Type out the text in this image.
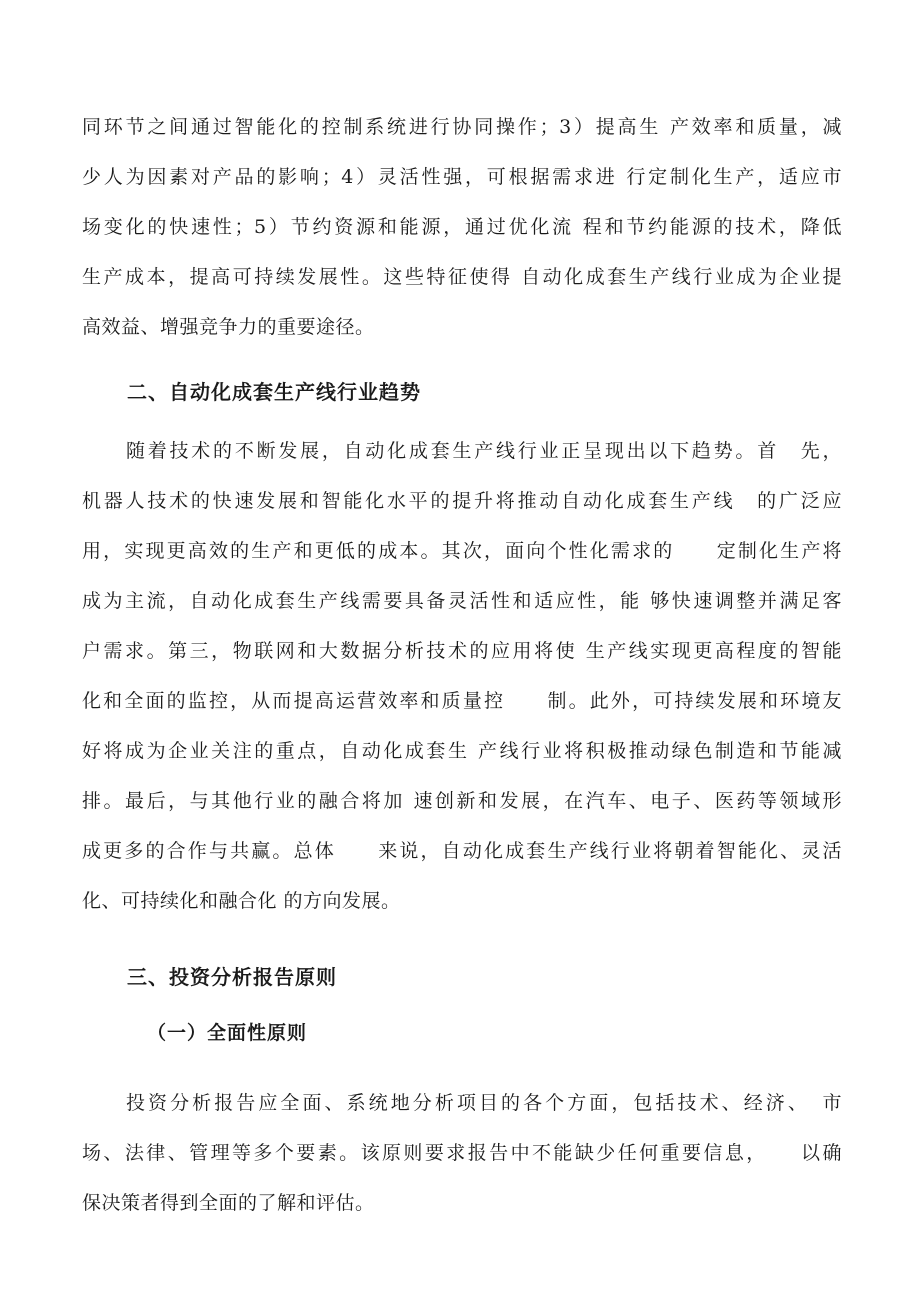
同环节之间通过智能化的控制系统进行协同操作；3）提高生 产效率和质量，减
少人为因素对产品的影响；4）灵活性强，可根据需求进 行定制化生产，适应市
场变化的快速性；5）节约资源和能源，通过优化流 程和节约能源的技术，降低
生产成本，提高可持续发展性。这些特征使得 自动化成套生产线行业成为企业提
高效益、增强竞争力的重要途径。
二、自动化成套生产线行业趋势
随着技术的不断发展，自动化成套生产线行业正呈现出以下趋势。首　先，
机器人技术的快速发展和智能化水平的提升将推动自动化成套生产线　的广泛应
用，实现更高效的生产和更低的成本。其次，面向个性化需求的　　定制化生产将
成为主流，自动化成套生产线需要具备灵活性和适应性，能 够快速调整并满足客
户需求。第三，物联网和大数据分析技术的应用将使 生产线实现更高程度的智能
化和全面的监控，从而提高运营效率和质量控　　制。此外，可持续发展和环境友
好将成为企业关注的重点，自动化成套生 产线行业将积极推动绿色制造和节能减
排。最后，与其他行业的融合将加 速创新和发展，在汽车、电子、医药等领域形
成更多的合作与共赢。总体　　来说，自动化成套生产线行业将朝着智能化、灵活
化、可持续化和融合化 的方向发展。
三、投资分析报告原则
（一）全面性原则
投资分析报告应全面、系统地分析项目的各个方面，包括技术、经济、　市
场、法律、管理等多个要素。该原则要求报告中不能缺少任何重要信息，　　以确
保决策者得到全面的了解和评估。
